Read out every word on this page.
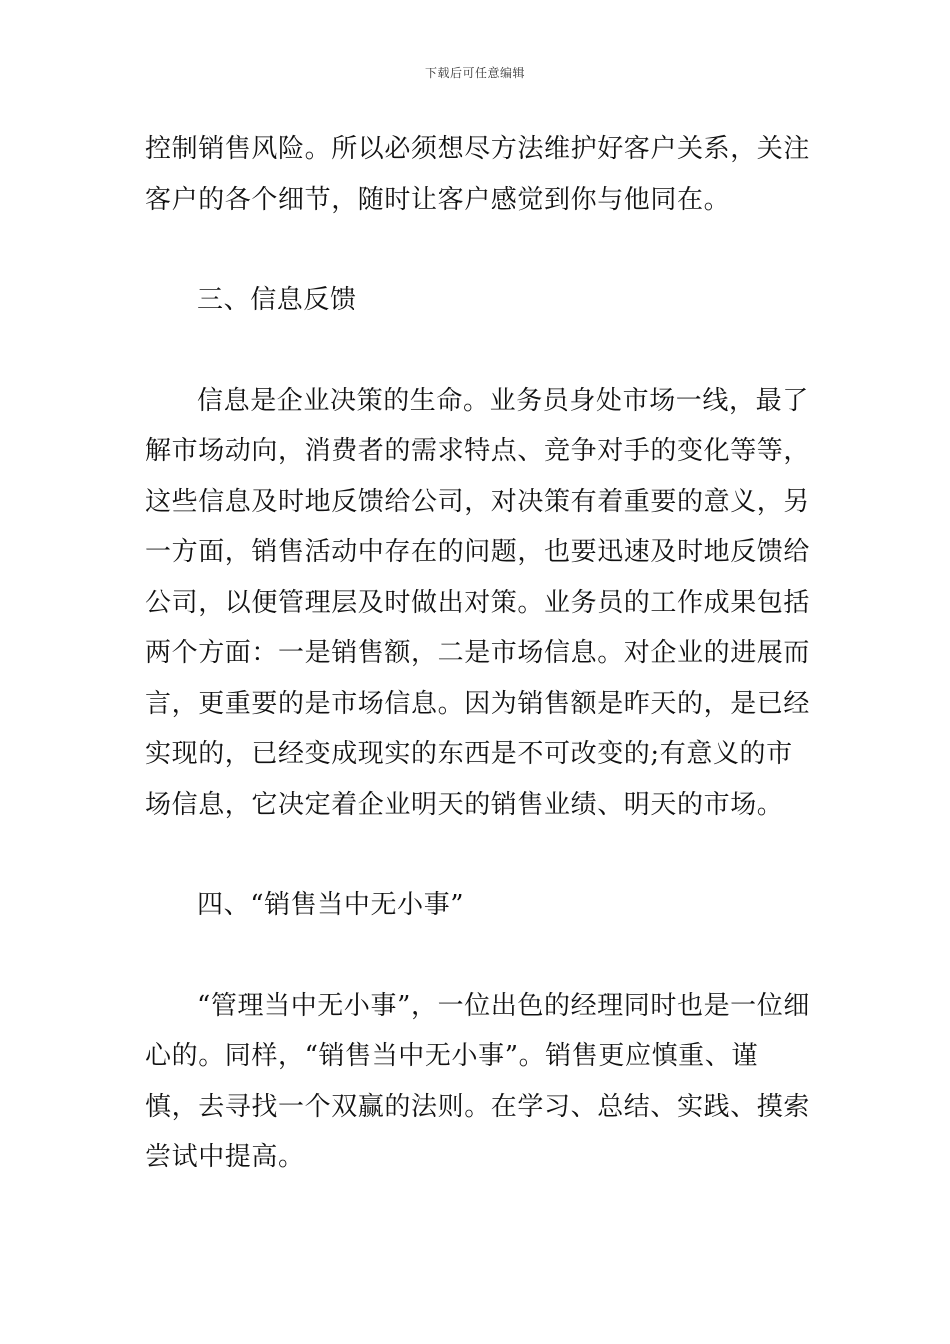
下载后可任意编辑

控制销售风险。所以必须想尽方法维护好客户关系，关注客户的各个细节，随时让客户感觉到你与他同在。

三、信息反馈

信息是企业决策的生命。业务员身处市场一线，最了解市场动向，消费者的需求特点、竞争对手的变化等等，这些信息及时地反馈给公司，对决策有着重要的意义，另一方面，销售活动中存在的问题，也要迅速及时地反馈给公司，以便管理层及时做出对策。业务员的工作成果包括两个方面：一是销售额，二是市场信息。对企业的进展而言，更重要的是市场信息。因为销售额是昨天的，是已经实现的，已经变成现实的东西是不可改变的;有意义的市场信息，它决定着企业明天的销售业绩、明天的市场。

四、“销售当中无小事”

“管理当中无小事”，一位出色的经理同时也是一位细心的。同样，“销售当中无小事”。销售更应慎重、谨慎，去寻找一个双赢的法则。在学习、总结、实践、摸索尝试中提高。
